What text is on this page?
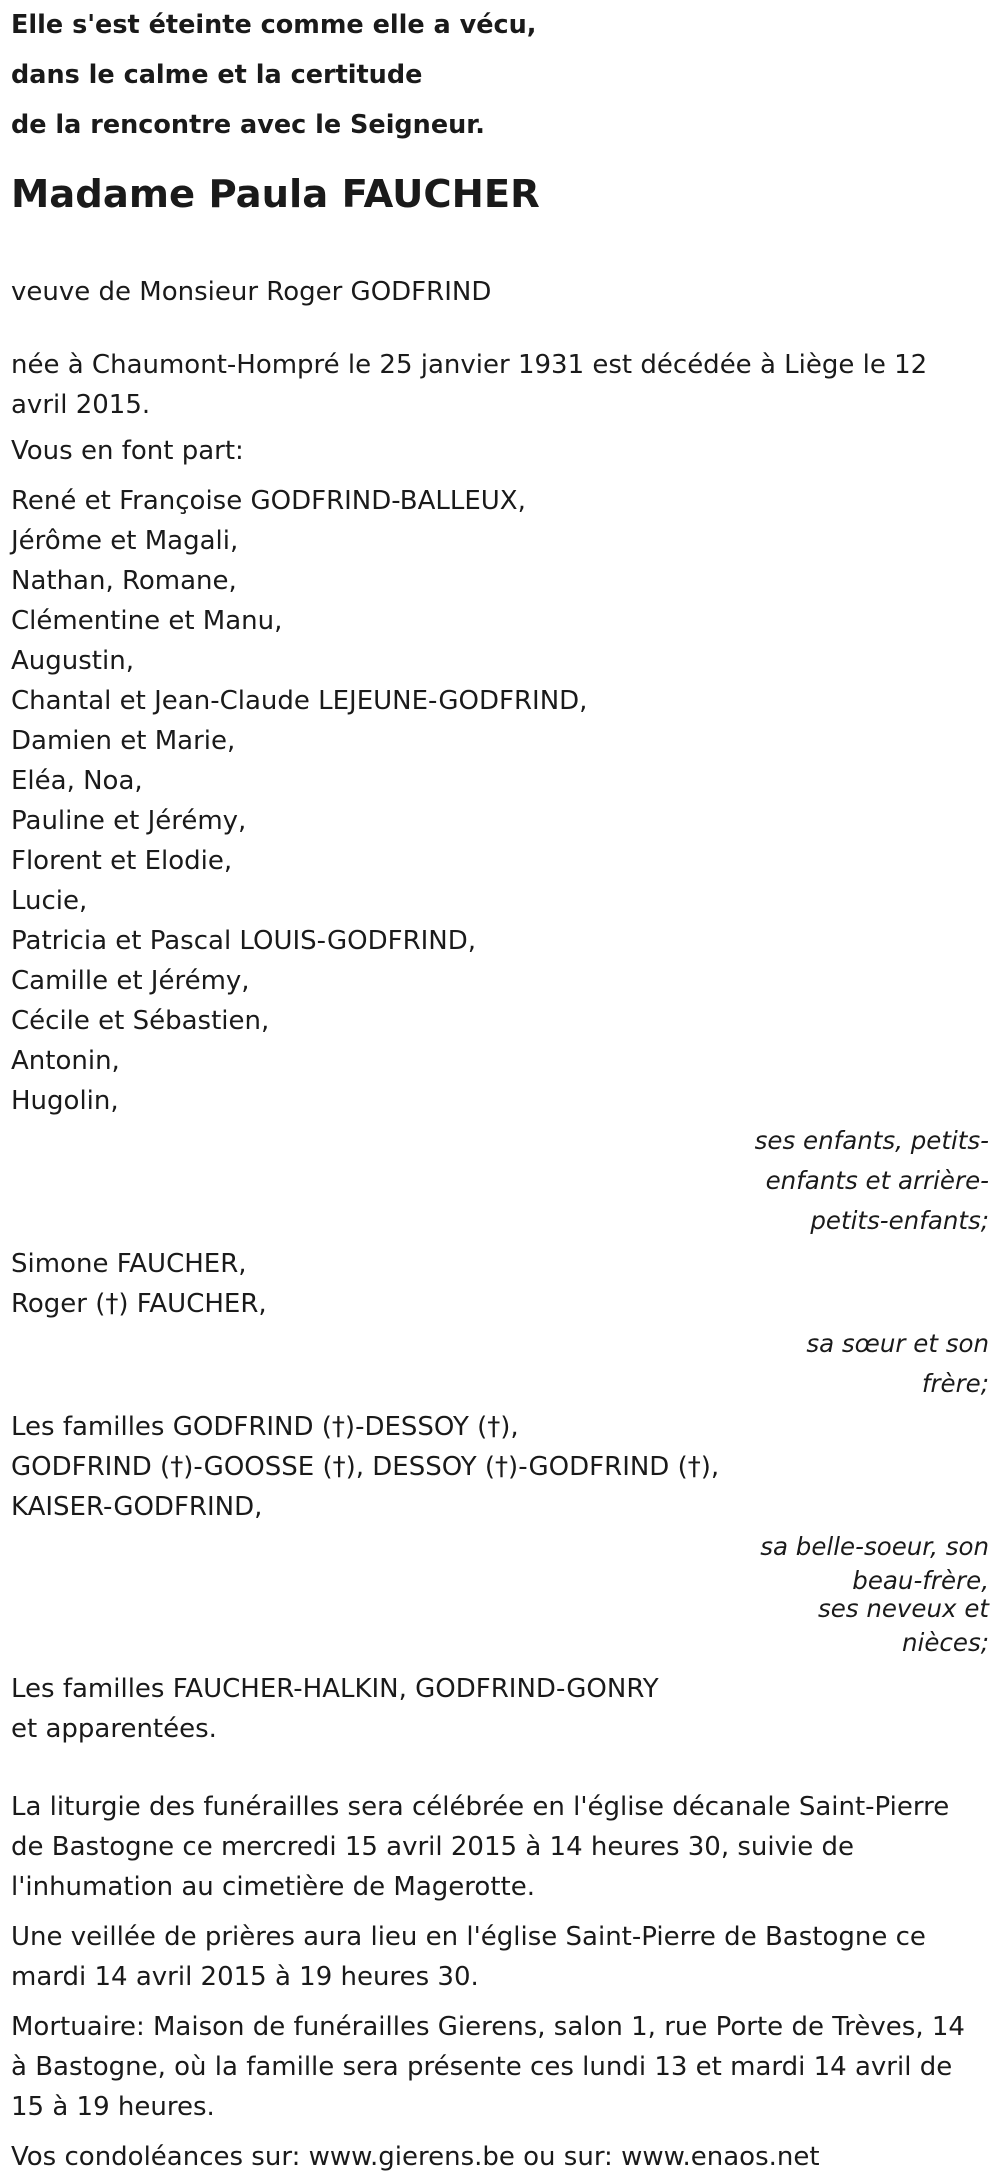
Elle s'est éteinte comme elle a vécu,
dans le calme et la certitude
de la rencontre avec le Seigneur.
Madame Paula FAUCHER
veuve de Monsieur Roger GODFRIND
née à Chaumont-Hompré le 25 janvier 1931 est décédée à Liège le 12 avril 2015.
Vous en font part:
René et Françoise GODFRIND-BALLEUX,
Jérôme et Magali,
Nathan, Romane,
Clémentine et Manu,
Augustin,
Chantal et Jean-Claude LEJEUNE-GODFRIND,
Damien et Marie,
Eléa, Noa,
Pauline et Jérémy,
Florent et Elodie,
Lucie,
Patricia et Pascal LOUIS-GODFRIND,
Camille et Jérémy,
Cécile et Sébastien,
Antonin,
Hugolin,
ses enfants, petits-
enfants et arrière-
petits-enfants;
Simone FAUCHER,
Roger (†) FAUCHER,
sa sœur et son
frère;
Les familles GODFRIND (†)-DESSOY (†),
GODFRIND (†)-GOOSSE (†), DESSOY (†)-GODFRIND (†),
KAISER-GODFRIND,
sa belle-soeur, son
beau-frère,
ses neveux et
nièces;
Les familles FAUCHER-HALKIN, GODFRIND-GONRY
et apparentées.
La liturgie des funérailles sera célébrée en l'église décanale Saint-Pierre de Bastogne ce mercredi 15 avril 2015 à 14 heures 30, suivie de l'inhumation au cimetière de Magerotte.
Une veillée de prières aura lieu en l'église Saint-Pierre de Bastogne ce mardi 14 avril 2015 à 19 heures 30.
Mortuaire: Maison de funérailles Gierens, salon 1, rue Porte de Trèves, 14 à Bastogne, où la famille sera présente ces lundi 13 et mardi 14 avril de 15 à 19 heures.
Vos condoléances sur: www.gierens.be ou sur: www.enaos.net
